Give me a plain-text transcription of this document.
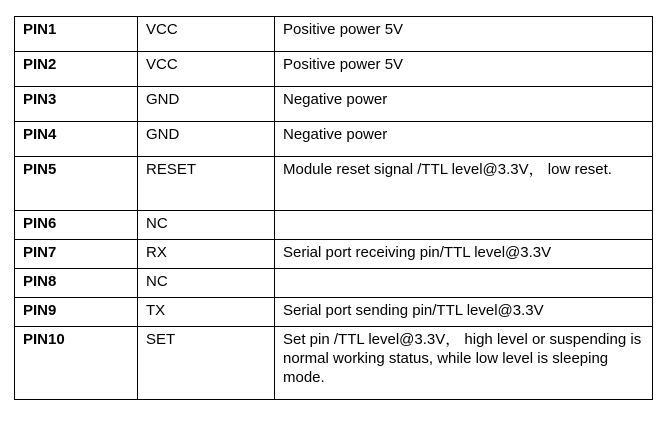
PIN1	VCC	Positive power 5V
PIN2	VCC	Positive power 5V
PIN3	GND	Negative power
PIN4	GND	Negative power
PIN5	RESET	Module reset signal /TTL level@3.3V， low reset.
PIN6	NC	
PIN7	RX	Serial port receiving pin/TTL level@3.3V
PIN8	NC	
PIN9	TX	Serial port sending pin/TTL level@3.3V
PIN10	SET	Set pin /TTL level@3.3V， high level or suspending is normal working status, while low level is sleeping mode.
